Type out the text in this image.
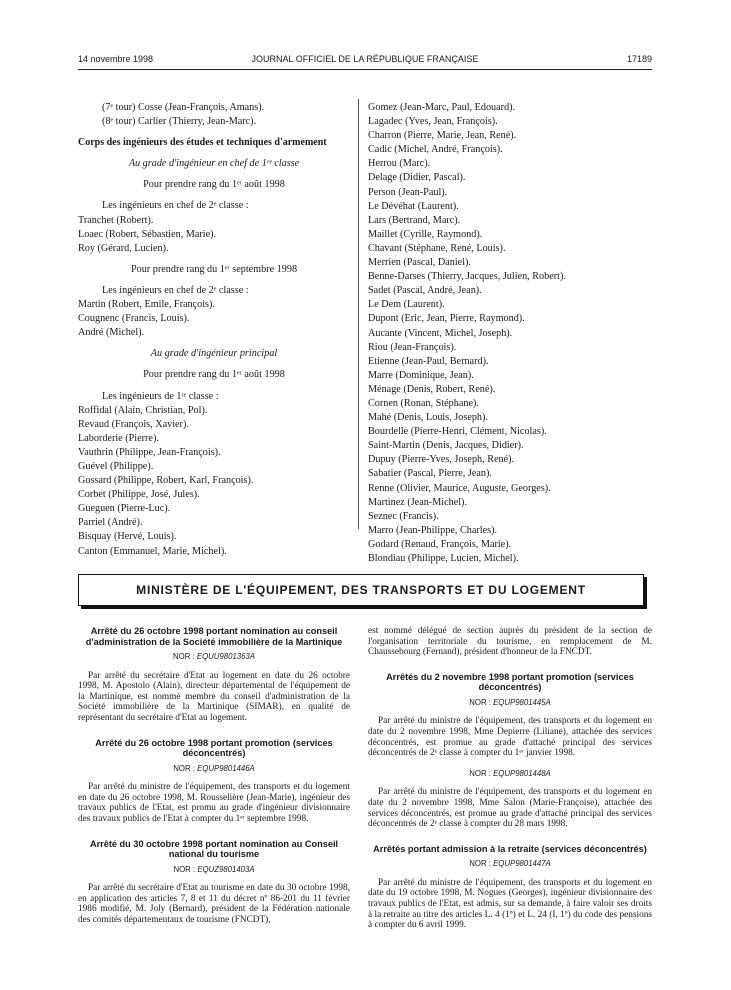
14 novembre 1998	JOURNAL OFFICIEL DE LA RÉPUBLIQUE FRANÇAISE	17189
(7ᵉ tour) Cosse (Jean-François, Amans).
(8ᵉ tour) Carlier (Thierry, Jean-Marc).
Corps des ingénieurs des études et techniques d'armement
Au grade d'ingénieur en chef de 1ʳᵉ classe
Pour prendre rang du 1ᵉʳ août 1998
Les ingénieurs en chef de 2ᵉ classe :
Tranchet (Robert).
Loaec (Robert, Sébastien, Marie).
Roy (Gérard, Lucien).
Pour prendre rang du 1ᵉʳ septembre 1998
Les ingénieurs en chef de 2ᵉ classe :
Martin (Robert, Emile, François).
Cougnenc (Francis, Louis).
André (Michel).
Au grade d'ingénieur principal
Pour prendre rang du 1ᵉʳ août 1998
Les ingénieurs de 1ʳᵉ classe :
Roffidal (Alain, Christian, Pol).
Revaud (François, Xavier).
Laborderie (Pierre).
Vauthrin (Philippe, Jean-François).
Guével (Philippe).
Gossard (Philippe, Robert, Karl, François).
Corbet (Philippe, José, Jules).
Gueguen (Pierre-Luc).
Parriel (André).
Bisquay (Hervé, Louis).
Canton (Emmanuel, Marie, Michel).
Gomez (Jean-Marc, Paul, Edouard).
Lagadec (Yves, Jean, François).
Charron (Pierre, Marie, Jean, René).
Cadic (Michel, André, François).
Herrou (Marc).
Delage (Didier, Pascal).
Person (Jean-Paul).
Le Dévéhat (Laurent).
Lars (Bertrand, Marc).
Maillet (Cyrille, Raymond).
Chavant (Stéphane, René, Louis).
Merrien (Pascal, Daniel).
Benne-Darses (Thierry, Jacques, Julien, Robert).
Sadet (Pascal, André, Jean).
Le Dem (Laurent).
Dupont (Eric, Jean, Pierre, Raymond).
Aucante (Vincent, Michel, Joseph).
Riou (Jean-François).
Etienne (Jean-Paul, Bernard).
Marre (Dominique, Jean).
Ménage (Denis, Robert, René).
Cornen (Ronan, Stéphane).
Mahé (Denis, Louis, Joseph).
Bourdelle (Pierre-Henri, Clément, Nicolas).
Saint-Martin (Denis, Jacques, Didier).
Dupuy (Pierre-Yves, Joseph, René).
Sabatier (Pascal, Pierre, Jean).
Renne (Olivier, Maurice, Auguste, Georges).
Martinez (Jean-Michel).
Seznec (Francis).
Marro (Jean-Philippe, Charles).
Godard (Renaud, François, Marie).
Blondiau (Philippe, Lucien, Michel).
MINISTÈRE DE L'ÉQUIPEMENT, DES TRANSPORTS ET DU LOGEMENT
Arrêté du 26 octobre 1998 portant nomination au conseil d'administration de la Société immobilière de la Martinique
NOR : EQUU9801363A
Par arrêté du secrétaire d'Etat au logement en date du 26 octobre 1998, M. Apostolo (Alain), directeur départemental de l'équipement de la Martinique, est nommé membre du conseil d'administration de la Société immobilière de la Martinique (SIMAR), en qualité de représentant du secrétaire d'Etat au logement.
Arrêté du 26 octobre 1998 portant promotion (services déconcentrés)
NOR : EQUP9801446A
Par arrêté du ministre de l'équipement, des transports et du logement en date du 26 octobre 1998, M. Rousselière (Jean-Marie), ingénieur des travaux publics de l'Etat, est promu au grade d'ingénieur divisionnaire des travaux publics de l'Etat à compter du 1ᵉʳ septembre 1998.
Arrêté du 30 octobre 1998 portant nomination au Conseil national du tourisme
NOR : EQUZ9801403A
Par arrêté du secrétaire d'Etat au tourisme en date du 30 octobre 1998, en application des articles 7, 8 et 11 du décret nº 86-201 du 11 février 1986 modifié, M. Joly (Bernard), président de la Fédération nationale des comités départementaux de tourisme (FNCDT),
est nommé délégué de section auprès du président de la section de l'organisation territoriale du tourisme, en remplacement de M. Chaussebourg (Fernand), président d'honneur de la FNCDT.
Arrêtés du 2 novembre 1998 portant promotion (services déconcentrés)
NOR : EQUP9801445A
Par arrêté du ministre de l'équipement, des transports et du logement en date du 2 novembre 1998, Mme Depierre (Liliane), attachée des services déconcentrés, est promue au grade d'attaché principal des services déconcentrés de 2ᵉ classe à compter du 1ᵉʳ janvier 1998.
NOR : EQUP9801448A
Par arrêté du ministre de l'équipement, des transports et du logement en date du 2 novembre 1998, Mme Salon (Marie-Françoise), attachée des services déconcentrés, est promue au grade d'attaché principal des services déconcentrés de 2ᵉ classe à compter du 28 mars 1998.
Arrêtés portant admission à la retraite (services déconcentrés)
NOR : EQUP9801447A
Par arrêté du ministre de l'équipement, des transports et du logement en date du 19 octobre 1998, M. Nogues (Georges), ingénieur divisionnaire des travaux publics de l'Etat, est admis, sur sa demande, à faire valoir ses droits à la retraite au titre des articles L. 4 (1º) et L. 24 (I, 1º) du code des pensions à compter du 6 avril 1999.
